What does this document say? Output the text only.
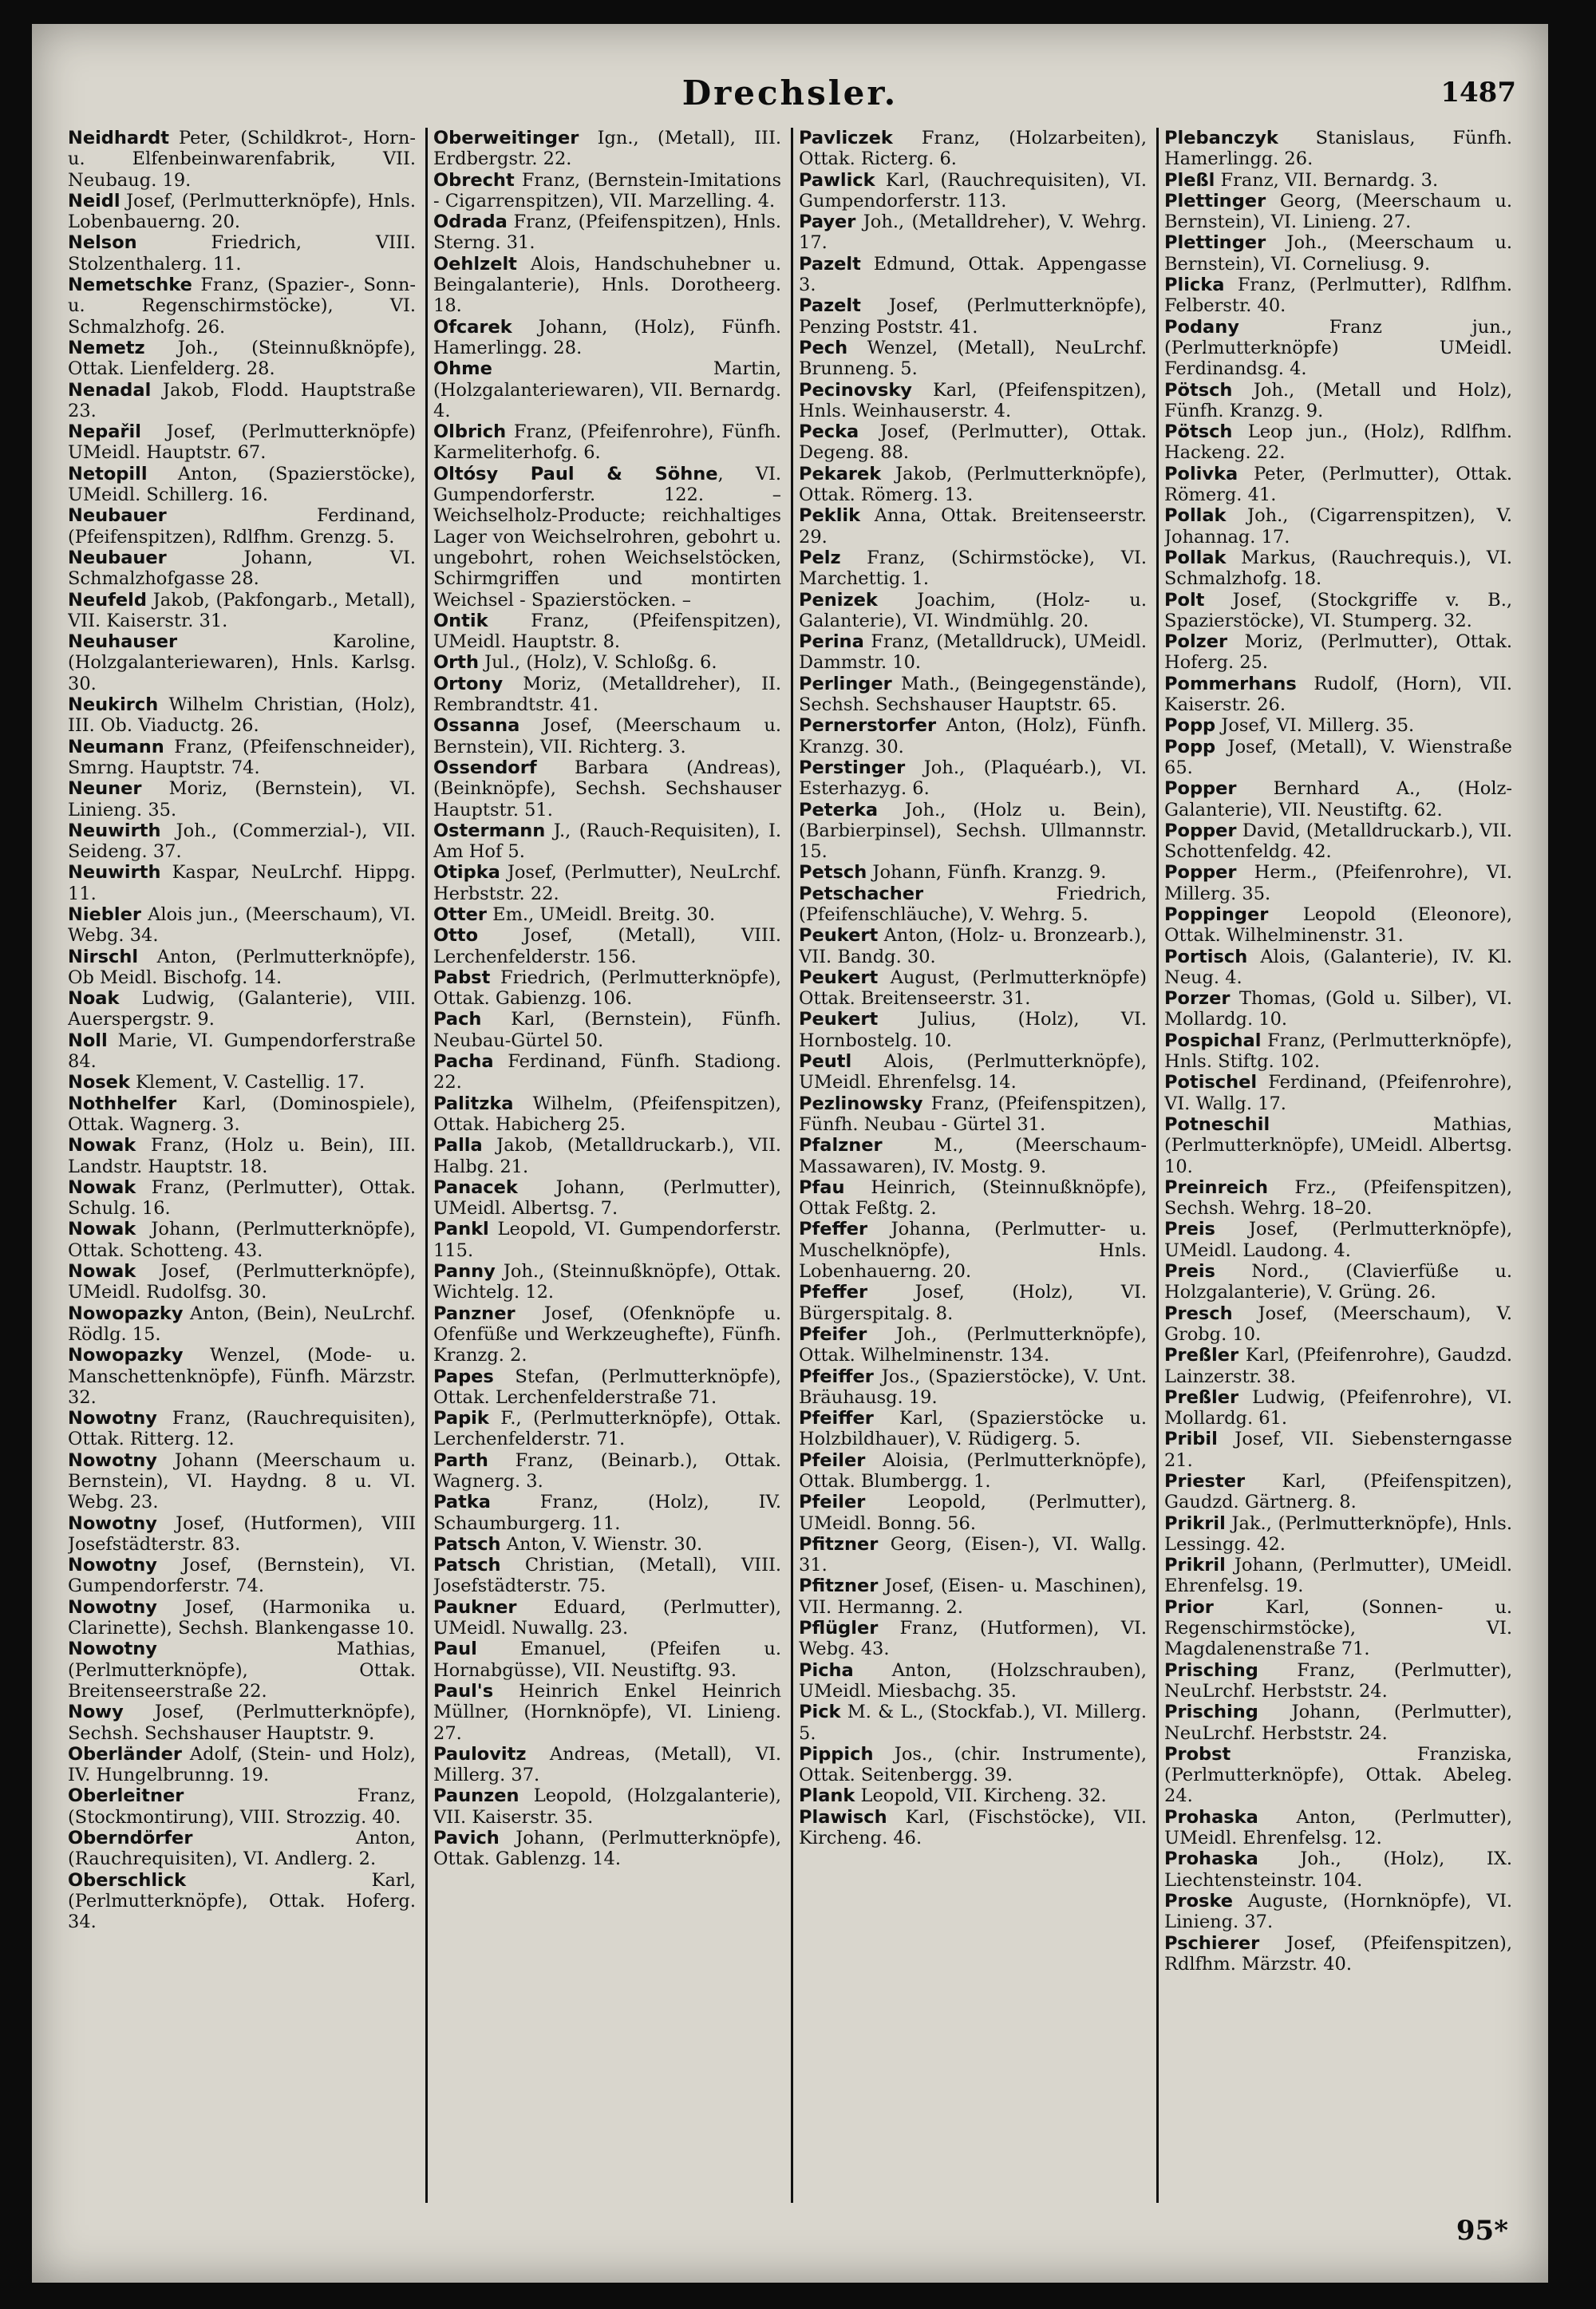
Drechsler.	1487

Neidhardt Peter, (Schildkrot-, Horn- u. Elfenbeinwarenfabrik, VII. Neubaug. 19.

Neidl Josef, (Perlmutterknöpfe), Hnls. Lobenbauerng. 20.

Nelson Friedrich, VIII. Stolzenthalerg. 11.

Nemetschke Franz, (Spazier-, Sonn- u. Regenschirmstöcke), VI. Schmalzhofg. 26.

Nemetz Joh., (Steinnußknöpfe), Ottak. Lienfelderg. 28.

Nenadal Jakob, Flodd. Hauptstraße 23.

Nepařil Josef, (Perlmutterknöpfe) UMeidl. Hauptstr. 67.

Netopill Anton, (Spazierstöcke), UMeidl. Schillerg. 16.

Neubauer Ferdinand, (Pfeifenspitzen), Rdlfhm. Grenzg. 5.

Neubauer Johann, VI. Schmalzhofgasse 28.

Neufeld Jakob, (Pakfongarb., Metall), VII. Kaiserstr. 31.

Neuhauser Karoline, (Holzgalanteriewaren), Hnls. Karlsg. 30.

Neukirch Wilhelm Christian, (Holz), III. Ob. Viaductg. 26.

Neumann Franz, (Pfeifenschneider), Smrng. Hauptstr. 74.

Neuner Moriz, (Bernstein), VI. Linieng. 35.

Neuwirth Joh., (Commerzial-), VII. Seideng. 37.

Neuwirth Kaspar, NeuLrchf. Hippg. 11.

Niebler Alois jun., (Meerschaum), VI. Webg. 34.

Nirschl Anton, (Perlmutterknöpfe), Ob Meidl. Bischofg. 14.

Noak Ludwig, (Galanterie), VIII. Auerspergstr. 9.

Noll Marie, VI. Gumpendorferstraße 84.

Nosek Klement, V. Castellig. 17.

Nothhelfer Karl, (Dominospiele), Ottak. Wagnerg. 3.

Nowak Franz, (Holz u. Bein), III. Landstr. Hauptstr. 18.

Nowak Franz, (Perlmutter), Ottak. Schulg. 16.

Nowak Johann, (Perlmutterknöpfe), Ottak. Schotteng. 43.

Nowak Josef, (Perlmutterknöpfe), UMeidl. Rudolfsg. 30.

Nowopazky Anton, (Bein), NeuLrchf. Rödlg. 15.

Nowopazky Wenzel, (Mode- u. Manschettenknöpfe), Fünfh. Märzstr. 32.

Nowotny Franz, (Rauchrequisiten), Ottak. Ritterg. 12.

Nowotny Johann (Meerschaum u. Bernstein), VI. Haydng. 8 u. VI. Webg. 23.

Nowotny Josef, (Hutformen), VIII Josefstädterstr. 83.

Nowotny Josef, (Bernstein), VI. Gumpendorferstr. 74.

Nowotny Josef, (Harmonika u. Clarinette), Sechsh. Blankengasse 10.

Nowotny Mathias, (Perlmutterknöpfe), Ottak. Breitenseerstraße 22.

Nowy Josef, (Perlmutterknöpfe), Sechsh. Sechshauser Hauptstr. 9.

Oberländer Adolf, (Stein- und Holz), IV. Hungelbrunng. 19.

Oberleitner Franz, (Stockmontirung), VIII. Strozzig. 40.

Oberndörfer Anton, (Rauchrequisiten), VI. Andlerg. 2.

Oberschlick Karl, (Perlmutterknöpfe), Ottak. Hoferg. 34.

Oberweitinger Ign., (Metall), III. Erdbergstr. 22.

Obrecht Franz, (Bernstein-Imitations - Cigarrenspitzen), VII. Marzelling. 4.

Odrada Franz, (Pfeifenspitzen), Hnls. Sterng. 31.

Oehlzelt Alois, Handschuhebner u. Beingalanterie), Hnls. Dorotheerg. 18.

Ofcarek Johann, (Holz), Fünfh. Hamerlingg. 28.

Ohme Martin, (Holzgalanteriewaren), VII. Bernardg. 4.

Olbrich Franz, (Pfeifenrohre), Fünfh. Karmeliterhofg. 6.

Oltósy Paul & Söhne, VI. Gumpendorferstr. 122. – Weichselholz-Producte; reichhaltiges Lager von Weichselrohren, gebohrt u. ungebohrt, rohen Weichselstöcken, Schirmgriffen und montirten Weichsel - Spazierstöcken. –

Ontik Franz, (Pfeifenspitzen), UMeidl. Hauptstr. 8.

Orth Jul., (Holz), V. Schloßg. 6.

Ortony Moriz, (Metalldreher), II. Rembrandtstr. 41.

Ossanna Josef, (Meerschaum u. Bernstein), VII. Richterg. 3.

Ossendorf Barbara (Andreas), (Beinknöpfe), Sechsh. Sechshauser Hauptstr. 51.

Ostermann J., (Rauch-Requisiten), I. Am Hof 5.

Otipka Josef, (Perlmutter), NeuLrchf. Herbststr. 22.

Otter Em., UMeidl. Breitg. 30.

Otto Josef, (Metall), VIII. Lerchenfelderstr. 156.

Pabst Friedrich, (Perlmutterknöpfe), Ottak. Gabienzg. 106.

Pach Karl, (Bernstein), Fünfh. Neubau-Gürtel 50.

Pacha Ferdinand, Fünfh. Stadiong. 22.

Palitzka Wilhelm, (Pfeifenspitzen), Ottak. Habicherg 25.

Palla Jakob, (Metalldruckarb.), VII. Halbg. 21.

Panacek Johann, (Perlmutter), UMeidl. Albertsg. 7.

Pankl Leopold, VI. Gumpendorferstr. 115.

Panny Joh., (Steinnußknöpfe), Ottak. Wichtelg. 12.

Panzner Josef, (Ofenknöpfe u. Ofenfüße und Werkzeughefte), Fünfh. Kranzg. 2.

Papes Stefan, (Perlmutterknöpfe), Ottak. Lerchenfelderstraße 71.

Papik F., (Perlmutterknöpfe), Ottak. Lerchenfelderstr. 71.

Parth Franz, (Beinarb.), Ottak. Wagnerg. 3.

Patka Franz, (Holz), IV. Schaumburgerg. 11.

Patsch Anton, V. Wienstr. 30.

Patsch Christian, (Metall), VIII. Josefstädterstr. 75.

Paukner Eduard, (Perlmutter), UMeidl. Nuwallg. 23.

Paul Emanuel, (Pfeifen u. Hornabgüsse), VII. Neustiftg. 93.

Paul's Heinrich Enkel Heinrich Müllner, (Hornknöpfe), VI. Linieng. 27.

Paulovitz Andreas, (Metall), VI. Millerg. 37.

Paunzen Leopold, (Holzgalanterie), VII. Kaiserstr. 35.

Pavich Johann, (Perlmutterknöpfe), Ottak. Gablenzg. 14.

Pavliczek Franz, (Holzarbeiten), Ottak. Ricterg. 6.

Pawlick Karl, (Rauchrequisiten), VI. Gumpendorferstr. 113.

Payer Joh., (Metalldreher), V. Wehrg. 17.

Pazelt Edmund, Ottak. Appengasse 3.

Pazelt Josef, (Perlmutterknöpfe), Penzing Poststr. 41.

Pech Wenzel, (Metall), NeuLrchf. Brunneng. 5.

Pecinovsky Karl, (Pfeifenspitzen), Hnls. Weinhauserstr. 4.

Pecka Josef, (Perlmutter), Ottak. Degeng. 88.

Pekarek Jakob, (Perlmutterknöpfe), Ottak. Römerg. 13.

Peklik Anna, Ottak. Breitenseerstr. 29.

Pelz Franz, (Schirmstöcke), VI. Marchettig. 1.

Penizek Joachim, (Holz- u. Galanterie), VI. Windmühlg. 20.

Perina Franz, (Metalldruck), UMeidl. Dammstr. 10.

Perlinger Math., (Beingegenstände), Sechsh. Sechshauser Hauptstr. 65.

Pernerstorfer Anton, (Holz), Fünfh. Kranzg. 30.

Perstinger Joh., (Plaquéarb.), VI. Esterhazyg. 6.

Peterka Joh., (Holz u. Bein), (Barbierpinsel), Sechsh. Ullmannstr. 15.

Petsch Johann, Fünfh. Kranzg. 9.

Petschacher Friedrich, (Pfeifenschläuche), V. Wehrg. 5.

Peukert Anton, (Holz- u. Bronzearb.), VII. Bandg. 30.

Peukert August, (Perlmutterknöpfe) Ottak. Breitenseerstr. 31.

Peukert Julius, (Holz), VI. Hornbostelg. 10.

Peutl Alois, (Perlmutterknöpfe), UMeidl. Ehrenfelsg. 14.

Pezlinowsky Franz, (Pfeifenspitzen), Fünfh. Neubau - Gürtel 31.

Pfalzner M., (Meerschaum-Massawaren), IV. Mostg. 9.

Pfau Heinrich, (Steinnußknöpfe), Ottak Feßtg. 2.

Pfeffer Johanna, (Perlmutter- u. Muschelknöpfe), Hnls. Lobenhauerng. 20.

Pfeffer Josef, (Holz), VI. Bürgerspitalg. 8.

Pfeifer Joh., (Perlmutterknöpfe), Ottak. Wilhelminenstr. 134.

Pfeiffer Jos., (Spazierstöcke), V. Unt. Bräuhausg. 19.

Pfeiffer Karl, (Spazierstöcke u. Holzbildhauer), V. Rüdigerg. 5.

Pfeiler Aloisia, (Perlmutterknöpfe), Ottak. Blumbergg. 1.

Pfeiler Leopold, (Perlmutter), UMeidl. Bonng. 56.

Pfitzner Georg, (Eisen-), VI. Wallg. 31.

Pfitzner Josef, (Eisen- u. Maschinen), VII. Hermanng. 2.

Pflügler Franz, (Hutformen), VI. Webg. 43.

Picha Anton, (Holzschrauben), UMeidl. Miesbachg. 35.

Pick M. & L., (Stockfab.), VI. Millerg. 5.

Pippich Jos., (chir. Instrumente), Ottak. Seitenbergg. 39.

Plank Leopold, VII. Kircheng. 32.

Plawisch Karl, (Fischstöcke), VII. Kircheng. 46.

Plebanczyk Stanislaus, Fünfh. Hamerlingg. 26.

Pleßl Franz, VII. Bernardg. 3.

Plettinger Georg, (Meerschaum u. Bernstein), VI. Linieng. 27.

Plettinger Joh., (Meerschaum u. Bernstein), VI. Corneliusg. 9.

Plicka Franz, (Perlmutter), Rdlfhm. Felberstr. 40.

Podany Franz jun., (Perlmutterknöpfe) UMeidl. Ferdinandsg. 4.

Pötsch Joh., (Metall und Holz), Fünfh. Kranzg. 9.

Pötsch Leop jun., (Holz), Rdlfhm. Hackeng. 22.

Polivka Peter, (Perlmutter), Ottak. Römerg. 41.

Pollak Joh., (Cigarrenspitzen), V. Johannag. 17.

Pollak Markus, (Rauchrequis.), VI. Schmalzhofg. 18.

Polt Josef, (Stockgriffe v. B., Spazierstöcke), VI. Stumperg. 32.

Polzer Moriz, (Perlmutter), Ottak. Hoferg. 25.

Pommerhans Rudolf, (Horn), VII. Kaiserstr. 26.

Popp Josef, VI. Millerg. 35.

Popp Josef, (Metall), V. Wienstraße 65.

Popper Bernhard A., (Holz-Galanterie), VII. Neustiftg. 62.

Popper David, (Metalldruckarb.), VII. Schottenfeldg. 42.

Popper Herm., (Pfeifenrohre), VI. Millerg. 35.

Poppinger Leopold (Eleonore), Ottak. Wilhelminenstr. 31.

Portisch Alois, (Galanterie), IV. Kl. Neug. 4.

Porzer Thomas, (Gold u. Silber), VI. Mollardg. 10.

Pospichal Franz, (Perlmutterknöpfe), Hnls. Stiftg. 102.

Potischel Ferdinand, (Pfeifenrohre), VI. Wallg. 17.

Potneschil Mathias, (Perlmutterknöpfe), UMeidl. Albertsg. 10.

Preinreich Frz., (Pfeifenspitzen), Sechsh. Wehrg. 18–20.

Preis Josef, (Perlmutterknöpfe), UMeidl. Laudong. 4.

Preis Nord., (Clavierfüße u. Holzgalanterie), V. Grüng. 26.

Presch Josef, (Meerschaum), V. Grobg. 10.

Preßler Karl, (Pfeifenrohre), Gaudzd. Lainzerstr. 38.

Preßler Ludwig, (Pfeifenrohre), VI. Mollardg. 61.

Pribil Josef, VII. Siebensterngasse 21.

Priester Karl, (Pfeifenspitzen), Gaudzd. Gärtnerg. 8.

Prikril Jak., (Perlmutterknöpfe), Hnls. Lessingg. 42.

Prikril Johann, (Perlmutter), UMeidl. Ehrenfelsg. 19.

Prior Karl, (Sonnen- u. Regenschirmstöcke), VI. Magdalenenstraße 71.

Prisching Franz, (Perlmutter), NeuLrchf. Herbststr. 24.

Prisching Johann, (Perlmutter), NeuLrchf. Herbststr. 24.

Probst Franziska, (Perlmutterknöpfe), Ottak. Abeleg. 24.

Prohaska Anton, (Perlmutter), UMeidl. Ehrenfelsg. 12.

Prohaska Joh., (Holz), IX. Liechtensteinstr. 104.

Proske Auguste, (Hornknöpfe), VI. Linieng. 37.

Pschierer Josef, (Pfeifenspitzen), Rdlfhm. Märzstr. 40.

95*
